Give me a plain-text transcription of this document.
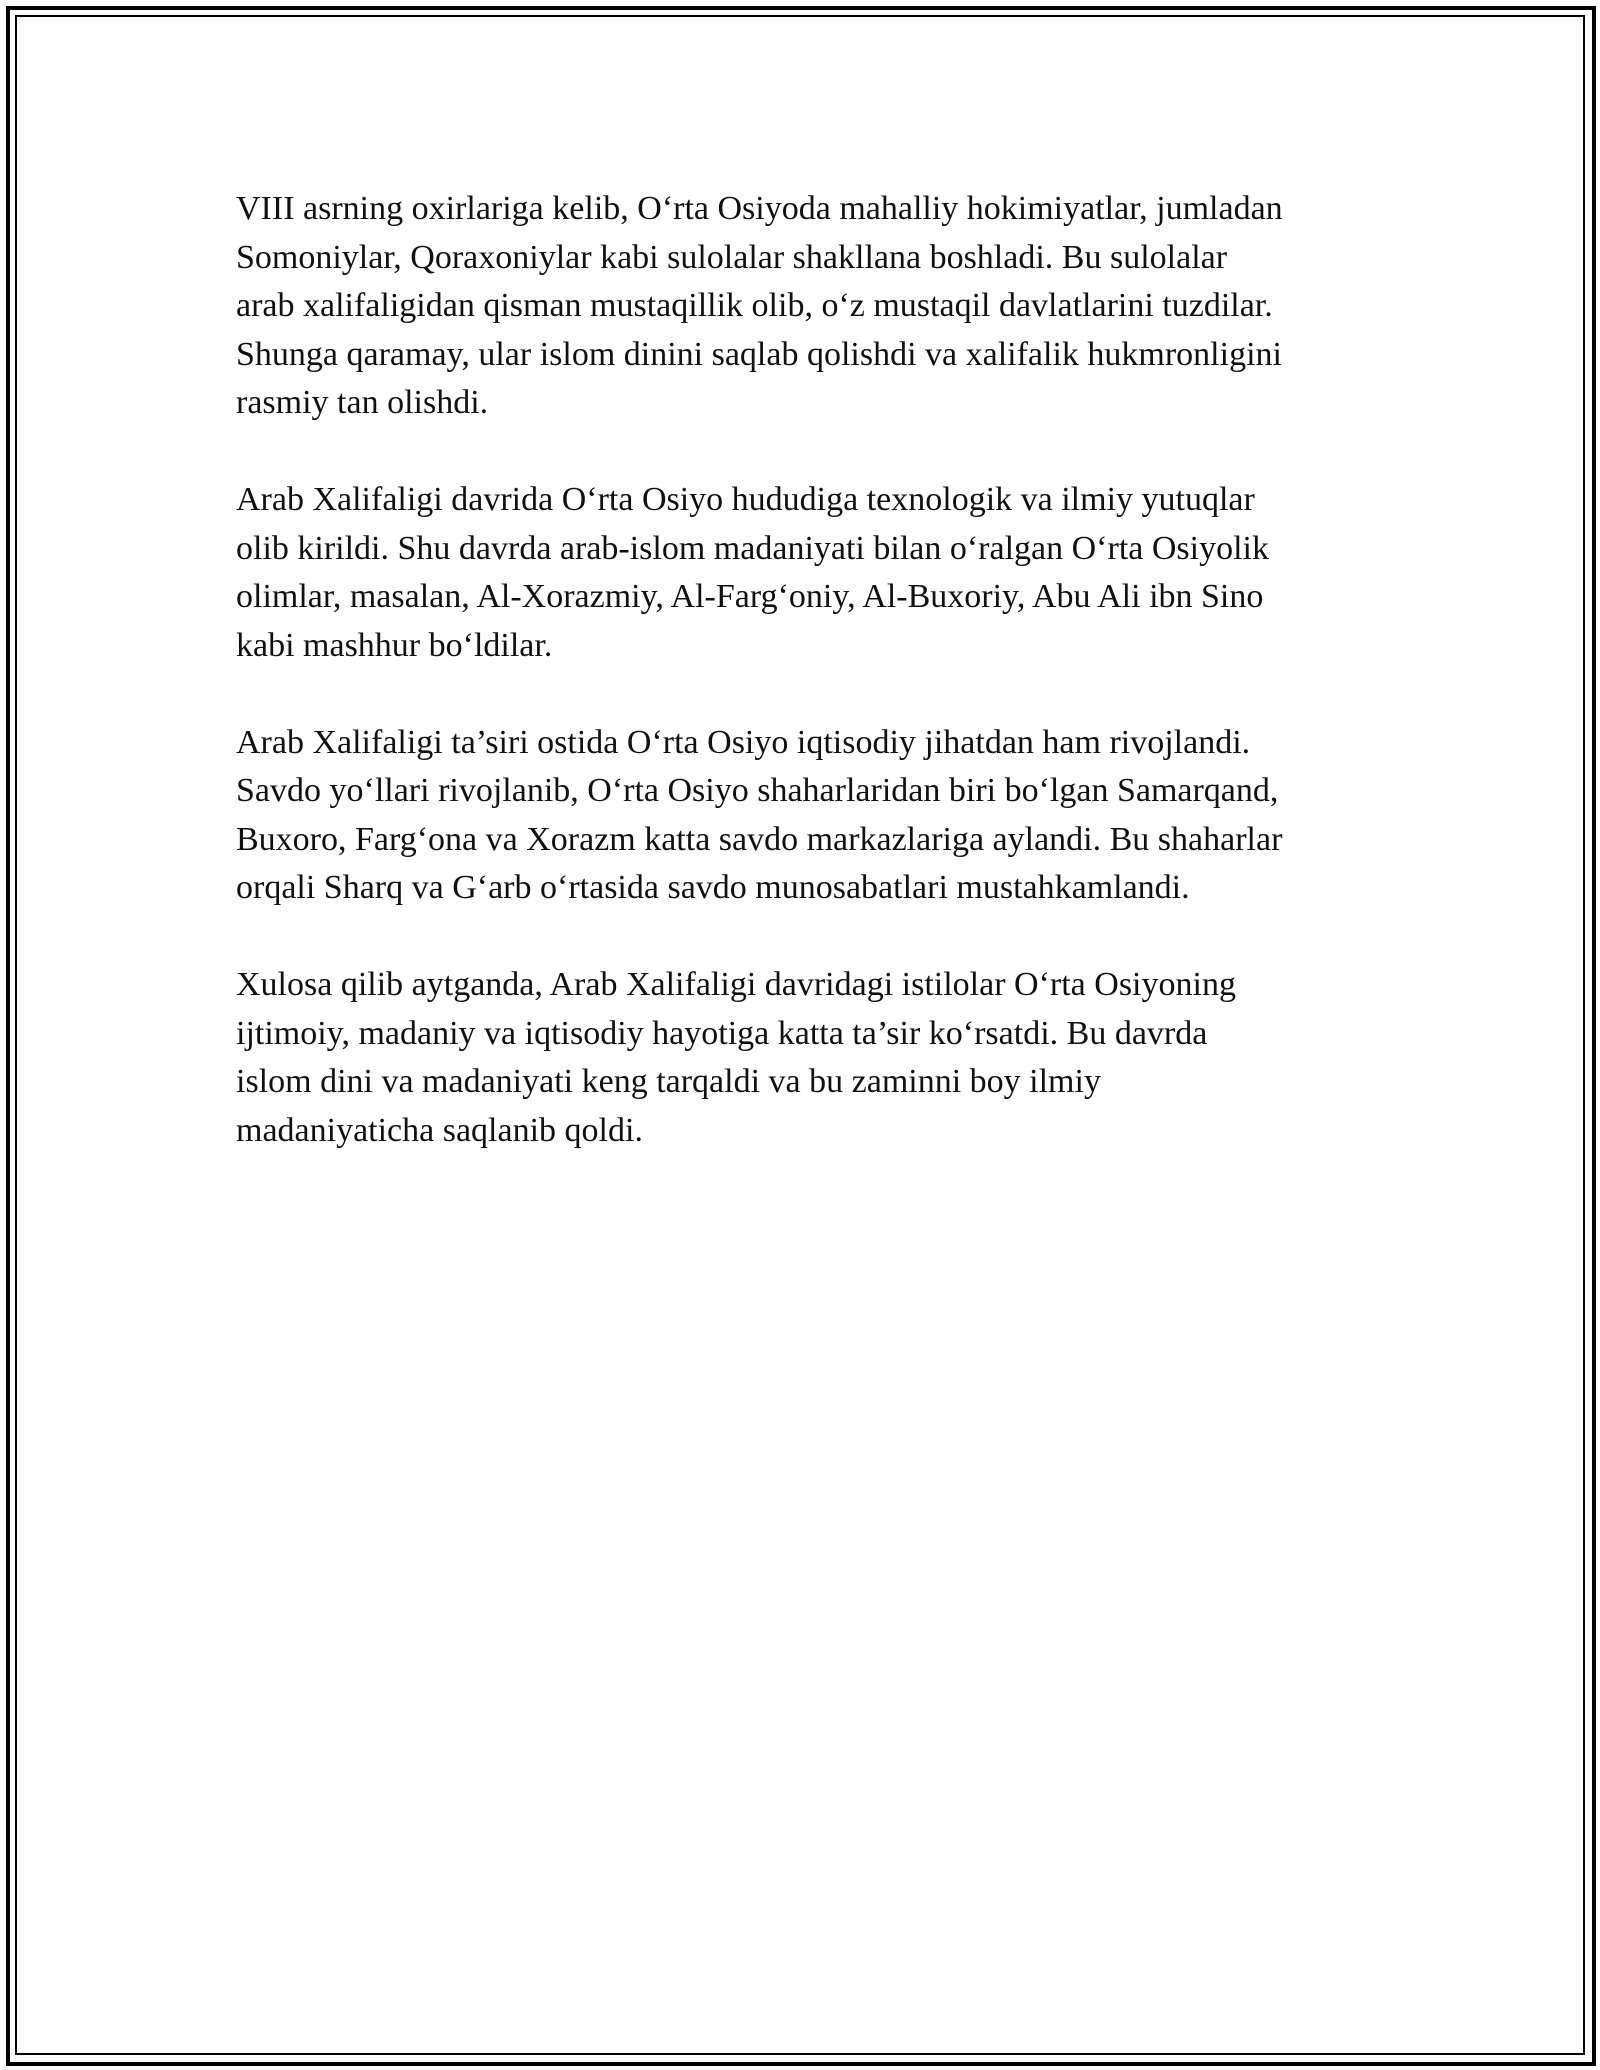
VIII asrning oxirlariga kelib, O‘rta Osiyoda mahalliy hokimiyatlar, jumladan
Somoniylar, Qoraxoniylar kabi sulolalar shakllana boshladi. Bu sulolalar
arab xalifaligidan qisman mustaqillik olib, o‘z mustaqil davlatlarini tuzdilar.
Shunga qaramay, ular islom dinini saqlab qolishdi va xalifalik hukmronligini
rasmiy tan olishdi.

Arab Xalifaligi davrida O‘rta Osiyo hududiga texnologik va ilmiy yutuqlar
olib kirildi. Shu davrda arab-islom madaniyati bilan o‘ralgan O‘rta Osiyolik
olimlar, masalan, Al-Xorazmiy, Al-Farg‘oniy, Al-Buxoriy, Abu Ali ibn Sino
kabi mashhur bo‘ldilar.

Arab Xalifaligi ta’siri ostida O‘rta Osiyo iqtisodiy jihatdan ham rivojlandi.
Savdo yo‘llari rivojlanib, O‘rta Osiyo shaharlaridan biri bo‘lgan Samarqand,
Buxoro, Farg‘ona va Xorazm katta savdo markazlariga aylandi. Bu shaharlar
orqali Sharq va G‘arb o‘rtasida savdo munosabatlari mustahkamlandi.

Xulosa qilib aytganda, Arab Xalifaligi davridagi istilolar O‘rta Osiyoning
ijtimoiy, madaniy va iqtisodiy hayotiga katta ta’sir ko‘rsatdi. Bu davrda
islom dini va madaniyati keng tarqaldi va bu zaminni boy ilmiy
madaniyaticha saqlanib qoldi.
